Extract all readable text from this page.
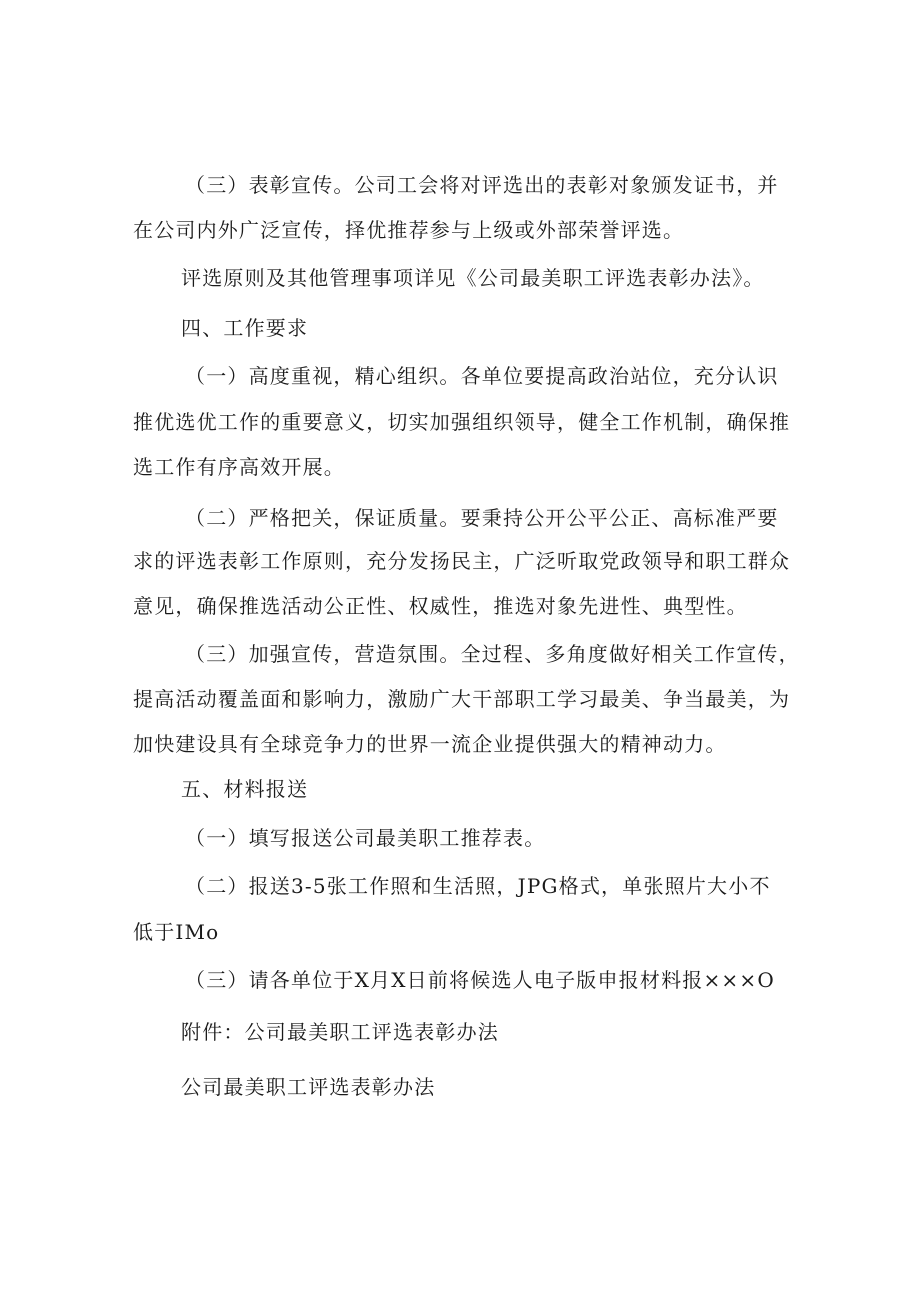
（三）表彰宣传。公司工会将对评选出的表彰对象颁发证书，并

在公司内外广泛宣传，择优推荐参与上级或外部荣誉评选。

评选原则及其他管理事项详见《公司最美职工评选表彰办法》。

四、工作要求

（一）高度重视，精心组织。各单位要提高政治站位，充分认识

推优选优工作的重要意义，切实加强组织领导，健全工作机制，确保推

选工作有序高效开展。

（二）严格把关，保证质量。要秉持公开公平公正、高标准严要

求的评选表彰工作原则，充分发扬民主，广泛听取党政领导和职工群众

意见，确保推选活动公正性、权威性，推选对象先进性、典型性。

（三）加强宣传，营造氛围。全过程、多角度做好相关工作宣传，

提高活动覆盖面和影响力，激励广大干部职工学习最美、争当最美，为

加快建设具有全球竞争力的世界一流企业提供强大的精神动力。

五、材料报送

（一）填写报送公司最美职工推荐表。

（二）报送3-5张工作照和生活照，JPG格式，单张照片大小不

低于IMo

（三）请各单位于X月X日前将候选人电子版申报材料报×××O

附件：公司最美职工评选表彰办法

公司最美职工评选表彰办法
